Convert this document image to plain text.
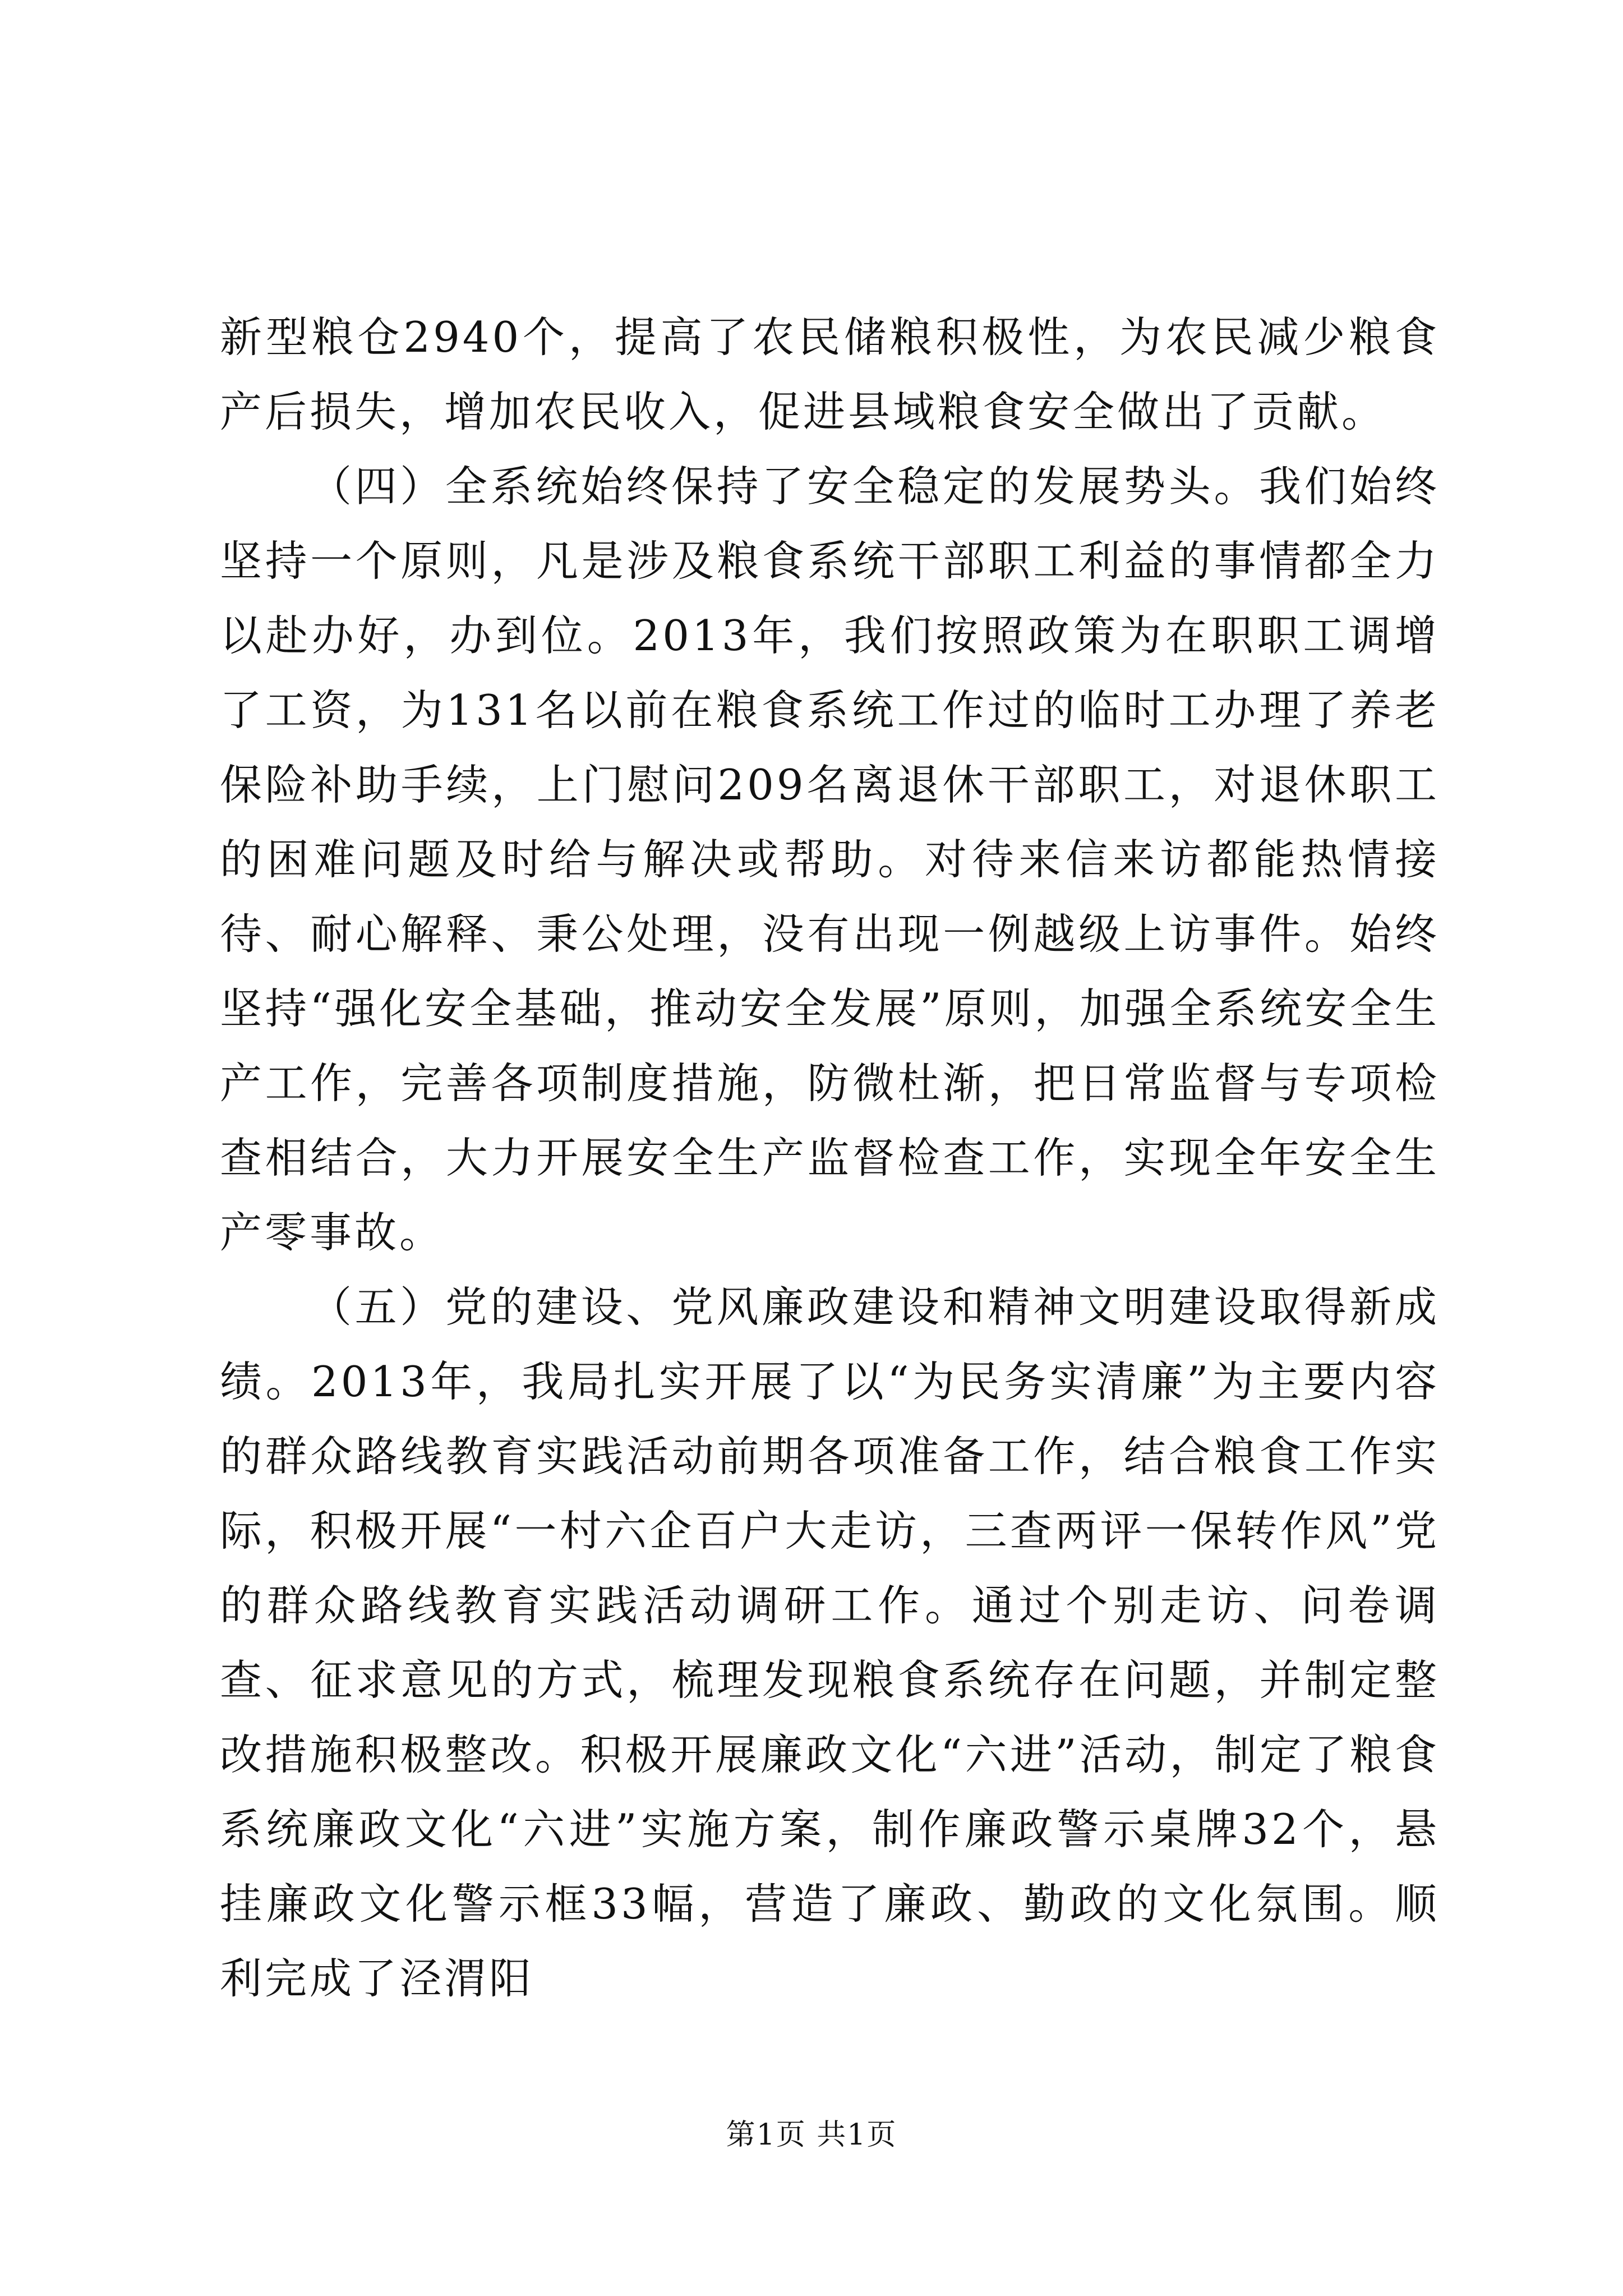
新型粮仓2940个，提高了农民储粮积极性，为农民减少粮食产后损失，增加农民收入，促进县域粮食安全做出了贡献。

（四）全系统始终保持了安全稳定的发展势头。我们始终坚持一个原则，凡是涉及粮食系统干部职工利益的事情都全力以赴办好，办到位。2013年，我们按照政策为在职职工调增了工资，为131名以前在粮食系统工作过的临时工办理了养老保险补助手续，上门慰问209名离退休干部职工，对退休职工的困难问题及时给与解决或帮助。对待来信来访都能热情接待、耐心解释、秉公处理，没有出现一例越级上访事件。始终坚持“强化安全基础，推动安全发展”原则，加强全系统安全生产工作，完善各项制度措施，防微杜渐，把日常监督与专项检查相结合，大力开展安全生产监督检查工作，实现全年安全生产零事故。

（五）党的建设、党风廉政建设和精神文明建设取得新成绩。2013年，我局扎实开展了以“为民务实清廉”为主要内容的群众路线教育实践活动前期各项准备工作，结合粮食工作实际，积极开展“一村六企百户大走访，三查两评一保转作风”党的群众路线教育实践活动调研工作。通过个别走访、问卷调查、征求意见的方式，梳理发现粮食系统存在问题，并制定整改措施积极整改。积极开展廉政文化“六进”活动，制定了粮食系统廉政文化“六进”实施方案，制作廉政警示桌牌32个，悬挂廉政文化警示框33幅，营造了廉政、勤政的文化氛围。顺利完成了泾渭阳

第1页 共1页
